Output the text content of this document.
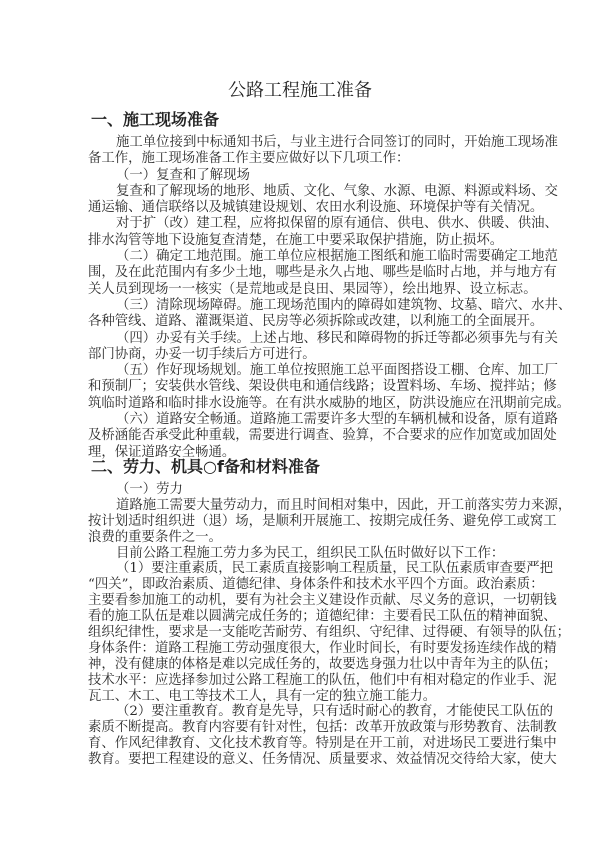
公路工程施工准备
一、施工现场准备
施工单位接到中标通知书后，与业主进行合同签订的同时，开始施工现场准
备工作，施工现场准备工作主要应做好以下几项工作：
（一）复查和了解现场
复查和了解现场的地形、地质、文化、气象、水源、电源、料源或料场、交
通运输、通信联络以及城镇建设规划、农田水利设施、环境保护等有关情况。
对于扩（改）建工程，应将拟保留的原有通信、供电、供水、供暖、供油、
排水沟管等地下设施复查清楚，在施工中要采取保护措施，防止损坏。
（二）确定工地范围。施工单位应根据施工图纸和施工临时需要确定工地范
围，及在此范围内有多少土地，哪些是永久占地、哪些是临时占地，并与地方有
关人员到现场一一核实（是荒地或是良田、果园等），绘出地界、设立标志。
（三）清除现场障碍。施工现场范围内的障碍如建筑物、坟墓、暗穴、水井、
各种管线、道路、灌溉渠道、民房等必须拆除或改建，以利施工的全面展开。
（四）办妥有关手续。上述占地、移民和障碍物的拆迁等都必须事先与有关
部门协商，办妥一切手续后方可进行。
（五）作好现场规划。施工单位按照施工总平面图搭设工棚、仓库、加工厂
和预制厂；安装供水管线、架设供电和通信线路；设置料场、车场、搅拌站；修
筑临时道路和临时排水设施等。在有洪水威胁的地区，防洪设施应在汛期前完成。
（六）道路安全畅通。道路施工需要许多大型的车辆机械和设备，原有道路
及桥涵能否承受此种重载，需要进行调查、验算，不合要求的应作加宽或加固处
理，保证道路安全畅通。
二、劳力、机具○f备和材料准备
（一）劳力
道路施工需要大量劳动力，而且时间相对集中，因此，开工前落实劳力来源，
按计划适时组织进（退）场，是顺利开展施工、按期完成任务、避免停工或窝工
浪费的重要条件之一。
目前公路工程施工劳力多为民工，组织民工队伍时做好以下工作：
（1）要注重素质，民工素质直接影响工程质量，民工队伍素质审查要严把
“四关”，即政治素质、道德纪律、身体条件和技术水平四个方面。政治素质：
主要看参加施工的动机，要有为社会主义建设作贡献、尽义务的意识，一切朝钱
看的施工队伍是难以圆满完成任务的；道德纪律：主要看民工队伍的精神面貌、
组织纪律性，要求是一支能吃苦耐劳、有组织、守纪律、过得硬、有领导的队伍；
身体条件：道路工程施工劳动强度很大，作业时间长，有时要发扬连续作战的精
神，没有健康的体格是难以完成任务的，故要选身强力壮以中青年为主的队伍；
技术水平：应选择参加过公路工程施工的队伍，他们中有相对稳定的作业手、泥
瓦工、木工、电工等技术工人，具有一定的独立施工能力。
（2）要注重教育。教育是先导，只有适时耐心的教育，才能使民工队伍的
素质不断提高。教育内容要有针对性，包括：改革开放政策与形势教育、法制教
育、作风纪律教育、文化技术教育等。特别是在开工前，对进场民工要进行集中
教育。要把工程建设的意义、任务情况、质量要求、效益情况交待给大家，使大
